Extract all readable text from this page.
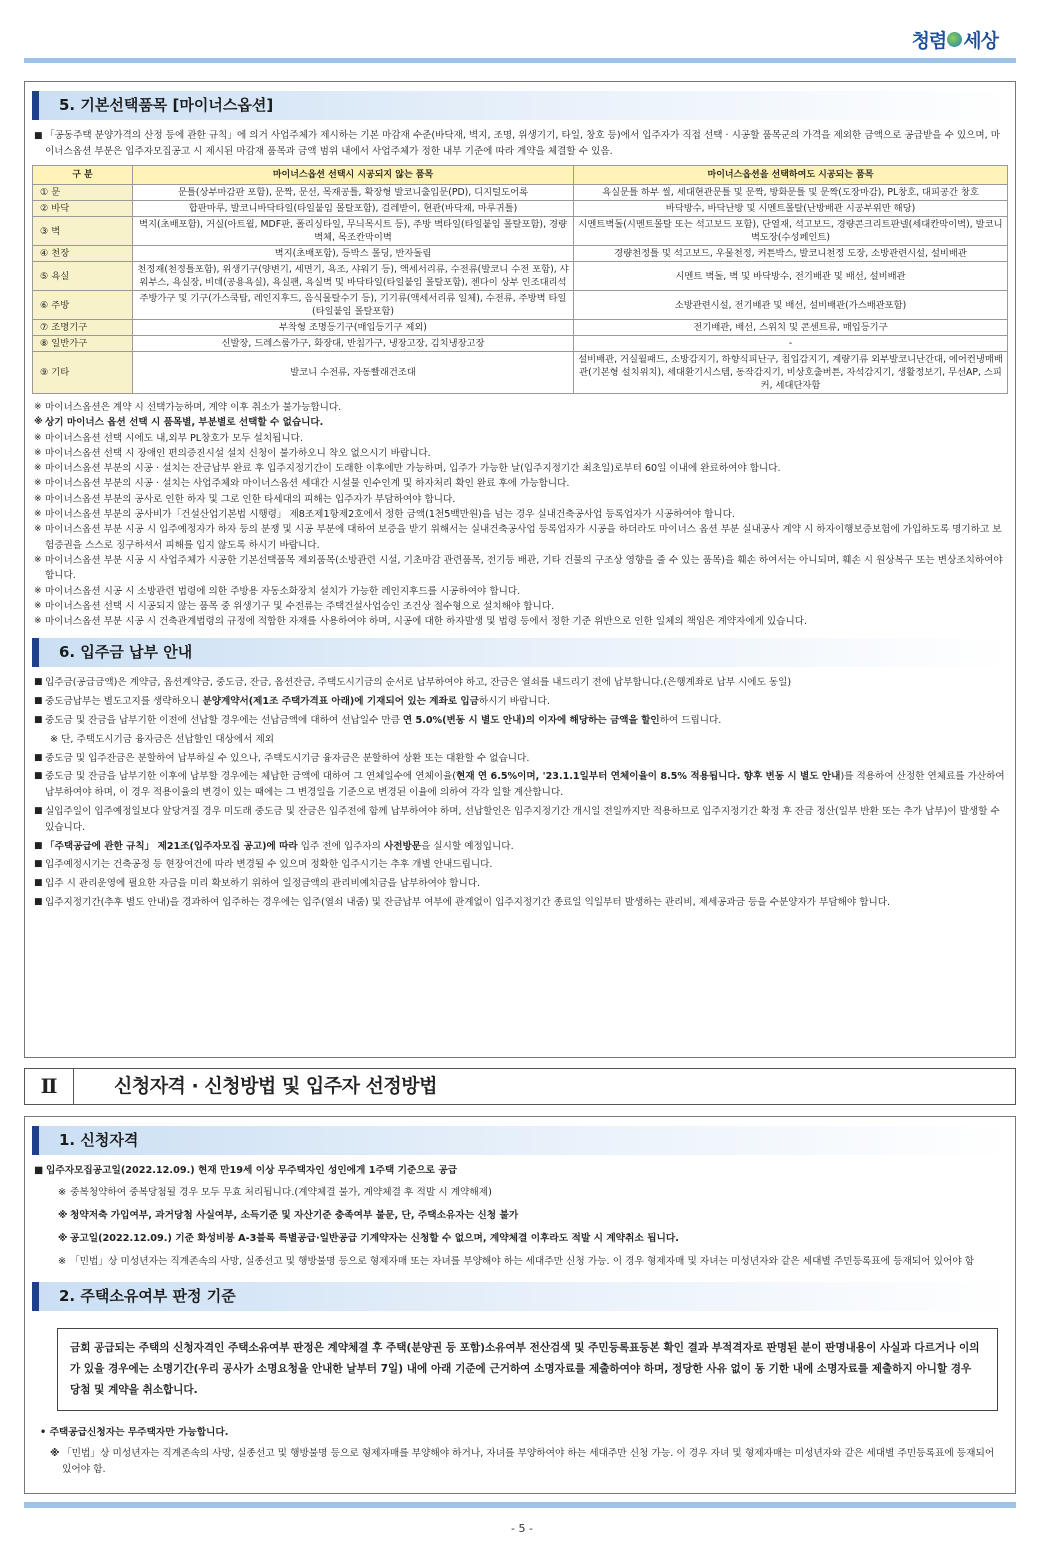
청렴 세상
5. 기본선택품목 [마이너스옵션]
■ 「공동주택 분양가격의 산정 등에 관한 규칙」에 의거 사업주체가 제시하는 기본 마감재 수준(바닥재, 벽지, 조명, 위생기기, 타일, 창호 등)에서 입주자가 직접 선택 · 시공할 품목군의 가격을 제외한 금액으로 공급받을 수 있으며, 마이너스옵션 부분은 입주자모집공고 시 제시된 마감재 품목과 금액 범위 내에서 사업주체가 정한 내부 기준에 따라 계약을 체결할 수 있음.
구 분	마이너스옵션 선택시 시공되지 않는 품목	마이너스옵션을 선택하여도 시공되는 품목
① 문	문틀(상부마감판 포함), 문짝, 문선, 목재공틀, 확장형 발코니출입문(PD), 디지털도어록	욕실문틀 하부 씰, 세대현관문틀 및 문짝, 방화문틀 및 문짝(도장마감), PL창호, 대피공간 창호
② 바닥	합판마루, 발코니바닥타일(타일붙임 몰탈포함), 걸레받이, 현관(바닥재, 마루귀틀)	바닥방수, 바닥난방 및 시멘트몰탈(난방배관 시공부위만 해당)
③ 벽	벽지(초배포함), 거실(아트월, MDF판, 폴리싱타일, 무늬목시트 등), 주방 벽타일(타일붙임 몰탈포함), 경량벽체, 목조칸막이벽	시멘트벽돌(시멘트몰탈 또는 석고보드 포함), 단열재, 석고보드, 경량콘크리트판넬(세대칸막이벽), 발코니 벽도장(수성페인트)
④ 천장	벽지(초배포함), 등박스 몰딩, 반자돌림	경량천정틀 및 석고보드, 우물천정, 커튼박스, 발코니천정 도장, 소방관련시설, 설비배관
⑤ 욕실	천정재(천정틀포함), 위생기구(양변기, 세면기, 욕조, 샤워기 등), 액세서리류, 수전류(발코니 수전 포함), 샤워부스, 욕실장, 비데(공용욕실), 욕실팬, 욕실벽 및 바닥타일(타일붙임 몰탈포함), 젠다이 상부 인조대리석	시멘트 벽돌, 벽 및 바닥방수, 전기배관 및 배선, 설비배관
⑥ 주방	주방가구 및 기구(가스쿡탑, 레인지후드, 음식물탈수기 등), 기기류(액세서리류 일체), 수전류, 주방벽 타일(타일붙임 몰탈포함)	소방관련시설, 전기배관 및 배선, 설비배관(가스배관포함)
⑦ 조명기구	부착형 조명등기구(매입등기구 제외)	전기배관, 배선, 스위치 및 콘센트류, 매입등기구
⑧ 일반가구	신발장, 드레스룸가구, 화장대, 반침가구, 냉장고장, 김치냉장고장	-
⑨ 기타	발코니 수전류, 자동빨래건조대	설비배관, 거실월패드, 소방감지기, 하향식피난구, 침입감지기, 계량기류 외부발코니난간대, 에어컨냉매배관(기본형 설치위치), 세대환기시스템, 동작감지기, 비상호출버튼, 자석감지기, 생활정보기, 무선AP, 스피커, 세대단자함
※ 마이너스옵션은 계약 시 선택가능하며, 계약 이후 취소가 불가능합니다.
※ 상기 마이너스 옵션 선택 시 품목별, 부분별로 선택할 수 없습니다.
※ 마이너스옵션 선택 시에도 내,외부 PL창호가 모두 설치됩니다.
※ 마이너스옵션 선택 시 장애인 편의증진시설 설치 신청이 불가하오니 착오 없으시기 바랍니다.
※ 마이너스옵션 부분의 시공 · 설치는 잔금납부 완료 후 입주지정기간이 도래한 이후에만 가능하며, 입주가 가능한 날(입주지정기간 최초일)로부터 60일 이내에 완료하여야 합니다.
※ 마이너스옵션 부분의 시공 · 설치는 사업주체와 마이너스옵션 세대간 시설물 인수인계 및 하자처리 확인 완료 후에 가능합니다.
※ 마이너스옵션 부분의 공사로 인한 하자 및 그로 인한 타세대의 피해는 입주자가 부담하여야 합니다.
※ 마이너스옵션 부분의 공사비가「건설산업기본법 시행령」 제8조제1항제2호에서 정한 금액(1천5백만원)을 넘는 경우 실내건축공사업 등록업자가 시공하여야 합니다.
※ 마이너스옵션 부분 시공 시 입주예정자가 하자 등의 분쟁 및 시공 부분에 대하여 보증을 받기 위해서는 실내건축공사업 등록업자가 시공을 하더라도 마이너스 옵션 부분 실내공사 계약 시 하자이행보증보험에 가입하도록 명기하고 보험증권을 스스로 징구하셔서 피해를 입지 않도록 하시기 바랍니다.
※ 마이너스옵션 부분 시공 시 사업주체가 시공한 기본선택품목 제외품목(소방관련 시설, 기초마감 관련품목, 전기등 배관, 기타 건물의 구조상 영향을 줄 수 있는 품목)을 훼손 하여서는 아니되며, 훼손 시 원상복구 또는 변상조치하여야 합니다.
※ 마이너스옵션 시공 시 소방관련 법령에 의한 주방용 자동소화장치 설치가 가능한 레인지후드를 시공하여야 합니다.
※ 마이너스옵션 선택 시 시공되지 않는 품목 중 위생기구 및 수전류는 주택건설사업승인 조건상 절수형으로 설치해야 합니다.
※ 마이너스옵션 부분 시공 시 건축관계법령의 규정에 적합한 자재를 사용하여야 하며, 시공에 대한 하자발생 및 법령 등에서 정한 기준 위반으로 인한 일체의 책임은 계약자에게 있습니다.
6. 입주금 납부 안내
■ 입주금(공급금액)은 계약금, 옵션계약금, 중도금, 잔금, 옵션잔금, 주택도시기금의 순서로 납부하여야 하고, 잔금은 열쇠를 내드리기 전에 납부합니다.(은행계좌로 납부 시에도 동일)
■ 중도금납부는 별도고지를 생략하오니 분양계약서(제1조 주택가격표 아래)에 기재되어 있는 계좌로 입금하시기 바랍니다.
■ 중도금 및 잔금을 납부기한 이전에 선납할 경우에는 선납금액에 대하여 선납일수 만큼 연 5.0%(변동 시 별도 안내)의 이자에 해당하는 금액을 할인하여 드립니다.
※ 단, 주택도시기금 융자금은 선납할인 대상에서 제외
■ 중도금 및 입주잔금은 분할하여 납부하실 수 있으나, 주택도시기금 융자금은 분할하여 상환 또는 대환할 수 없습니다.
■ 중도금 및 잔금을 납부기한 이후에 납부할 경우에는 체납한 금액에 대하여 그 연체일수에 연체이율(현재 연 6.5%이며, '23.1.1일부터 연체이율이 8.5% 적용됩니다. 향후 변동 시 별도 안내)를 적용하여 산정한 연체료를 가산하여 납부하여야 하며, 이 경우 적용이율의 변경이 있는 때에는 그 변경일을 기준으로 변경된 이율에 의하여 각각 일할 계산합니다.
■ 실입주일이 입주예정일보다 앞당겨질 경우 미도래 중도금 및 잔금은 입주전에 함께 납부하여야 하며, 선납할인은 입주지정기간 개시일 전일까지만 적용하므로 입주지정기간 확정 후 잔금 정산(일부 반환 또는 추가 납부)이 발생할 수 있습니다.
■ 「주택공급에 관한 규칙」 제21조(입주자모집 공고)에 따라 입주 전에 입주자의 사전방문을 실시할 예정입니다.
■ 입주예정시기는 건축공정 등 현장여건에 따라 변경될 수 있으며 정확한 입주시기는 추후 개별 안내드립니다.
■ 입주 시 관리운영에 필요한 자금을 미리 확보하기 위하여 일정금액의 관리비예치금을 납부하여야 합니다.
■ 입주지정기간(추후 별도 안내)을 경과하여 입주하는 경우에는 입주(열쇠 내줌) 및 잔금납부 여부에 관계없이 입주지정기간 종료일 익일부터 발생하는 관리비, 제세공과금 등을 수분양자가 부담해야 합니다.
Ⅱ	신청자격 · 신청방법 및 입주자 선정방법
1. 신청자격
■ 입주자모집공고일(2022.12.09.) 현재 만19세 이상 무주택자인 성인에게 1주택 기준으로 공급
※ 중복청약하여 중복당첨될 경우 모두 무효 처리됩니다.(계약체결 불가, 계약체결 후 적발 시 계약해제)
※ 청약저축 가입여부, 과거당첨 사실여부, 소득기준 및 자산기준 충족여부 불문, 단, 주택소유자는 신청 불가
※ 공고일(2022.12.09.) 기준 화성비봉 A-3블록 특별공급·일반공급 기계약자는 신청할 수 없으며, 계약체결 이후라도 적발 시 계약취소 됩니다.
※ 「민법」상 미성년자는 직계존속의 사망, 실종선고 및 행방불명 등으로 형제자매 또는 자녀를 부양해야 하는 세대주만 신청 가능. 이 경우 형제자매 및 자녀는 미성년자와 같은 세대별 주민등록표에 등재되어 있어야 함
2. 주택소유여부 판정 기준
금회 공급되는 주택의 신청자격인 주택소유여부 판정은 계약체결 후 주택(분양권 등 포함)소유여부 전산검색 및 주민등록표등본 확인 결과 부적격자로 판명된 분이 판명내용이 사실과 다르거나 이의가 있을 경우에는 소명기간(우리 공사가 소명요청을 안내한 날부터 7일) 내에 아래 기준에 근거하여 소명자료를 제출하여야 하며, 정당한 사유 없이 동 기한 내에 소명자료를 제출하지 아니할 경우 당첨 및 계약을 취소합니다.
• 주택공급신청자는 무주택자만 가능합니다.
※ 「민법」상 미성년자는 직계존속의 사망, 실종선고 및 행방불명 등으로 형제자매를 부양해야 하거나, 자녀를 부양하여야 하는 세대주만 신청 가능. 이 경우 자녀 및 형제자매는 미성년자와 같은 세대별 주민등록표에 등재되어 있어야 함.
- 5 -
